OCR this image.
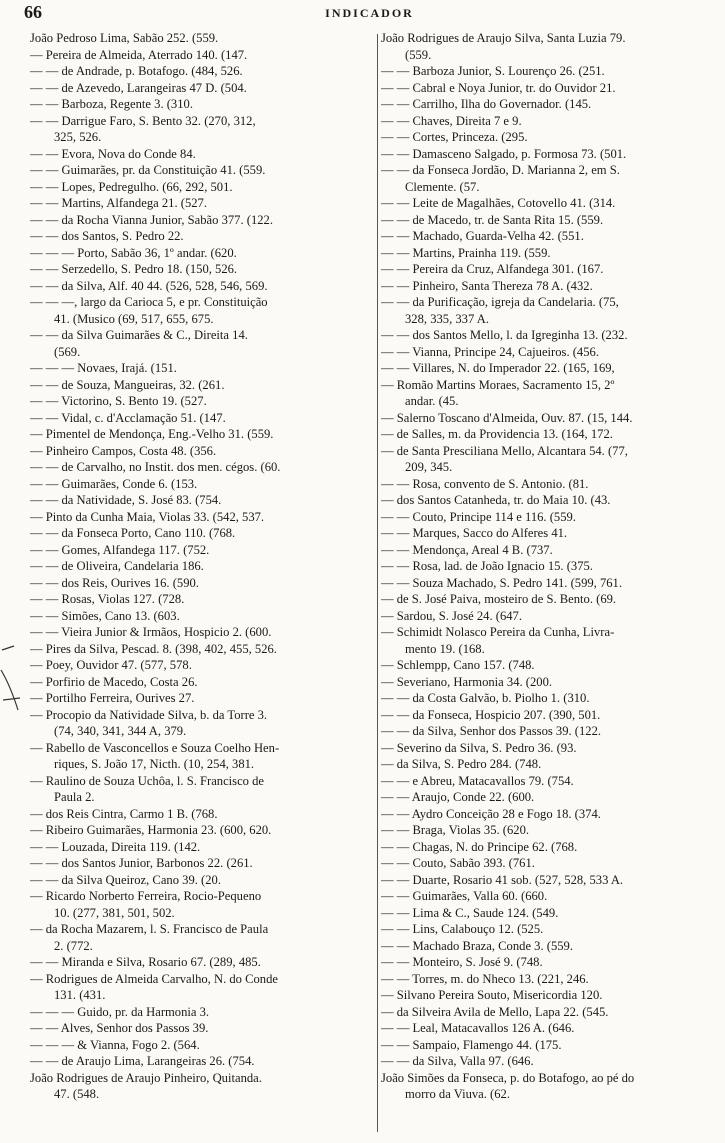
66	INDICADOR
João Pedroso Lima, Sabão 252. (559.
— Pereira de Almeida, Aterrado 140. (147.
— — de Andrade, p. Botafogo. (484, 526.
— — de Azevedo, Larangeiras 47 D. (504.
— — Barboza, Regente 3. (310.
— — Darrigue Faro, S. Bento 32. (270, 312,
325, 526.
— — Evora, Nova do Conde 84.
— — Guimarães, pr. da Constituição 41. (559.
— — Lopes, Pedregulho. (66, 292, 501.
— — Martins, Alfandega 21. (527.
— — da Rocha Vianna Junior, Sabão 377. (122.
— — dos Santos, S. Pedro 22.
— — — Porto, Sabão 36, 1º andar. (620.
— — Serzedello, S. Pedro 18. (150, 526.
— — da Silva, Alf. 40 44. (526, 528, 546, 569.
— — —, largo da Carioca 5, e pr. Constituição
41. (Musico (69, 517, 655, 675.
— — da Silva Guimarães & C., Direita 14.
(569.
— — — Novaes, Irajá. (151.
— — de Souza, Mangueiras, 32. (261.
— — Victorino, S. Bento 19. (527.
— — Vidal, c. d'Acclamação 51. (147.
— Pimentel de Mendonça, Eng.-Velho 31. (559.
— Pinheiro Campos, Costa 48. (356.
— — de Carvalho, no Instit. dos men. cégos. (60.
— — Guimarães, Conde 6. (153.
— — da Natividade, S. José 83. (754.
— Pinto da Cunha Maia, Violas 33. (542, 537.
— — da Fonseca Porto, Cano 110. (768.
— — Gomes, Alfandega 117. (752.
— — de Oliveira, Candelaria 186.
— — dos Reis, Ourives 16. (590.
— — Rosas, Violas 127. (728.
— — Simões, Cano 13. (603.
— — Vieira Junior & Irmãos, Hospicio 2. (600.
— Pires da Silva, Pescad. 8. (398, 402, 455, 526.
— Poey, Ouvidor 47. (577, 578.
— Porfirio de Macedo, Costa 26.
— Portilho Ferreira, Ourives 27.
— Procopio da Natividade Silva, b. da Torre 3.
(74, 340, 341, 344 A, 379.
— Rabello de Vasconcellos e Souza Coelho Hen-
riques, S. João 17, Nicth. (10, 254, 381.
— Raulino de Souza Uchôa, l. S. Francisco de
Paula 2.
— dos Reis Cintra, Carmo 1 B. (768.
— Ribeiro Guimarães, Harmonia 23. (600, 620.
— — Louzada, Direita 119. (142.
— — dos Santos Junior, Barbonos 22. (261.
— — da Silva Queiroz, Cano 39. (20.
— Ricardo Norberto Ferreira, Rocio-Pequeno
10. (277, 381, 501, 502.
— da Rocha Mazarem, l. S. Francisco de Paula
2. (772.
— — Miranda e Silva, Rosario 67. (289, 485.
— Rodrigues de Almeida Carvalho, N. do Conde
131. (431.
— — — Guido, pr. da Harmonia 3.
— — Alves, Senhor dos Passos 39.
— — — & Vianna, Fogo 2. (564.
— — de Araujo Lima, Larangeiras 26. (754.
João Rodrigues de Araujo Pinheiro, Quitanda.
47. (548.
João Rodrigues de Araujo Silva, Santa Luzia 79.
(559.
— — Barboza Junior, S. Lourenço 26. (251.
— — Cabral e Noya Junior, tr. do Ouvidor 21.
— — Carrilho, Ilha do Governador. (145.
— — Chaves, Direita 7 e 9.
— — Cortes, Princeza. (295.
— — Damasceno Salgado, p. Formosa 73. (501.
— — da Fonseca Jordão, D. Marianna 2, em S.
Clemente. (57.
— — Leite de Magalhães, Cotovello 41. (314.
— — de Macedo, tr. de Santa Rita 15. (559.
— — Machado, Guarda-Velha 42. (551.
— — Martins, Prainha 119. (559.
— — Pereira da Cruz, Alfandega 301. (167.
— — Pinheiro, Santa Thereza 78 A. (432.
— — da Purificação, igreja da Candelaria. (75,
328, 335, 337 A.
— — dos Santos Mello, l. da Igreginha 13. (232.
— — Vianna, Principe 24, Cajueiros. (456.
— — Villares, N. do Imperador 22. (165, 169,
— Romão Martins Moraes, Sacramento 15, 2º
andar. (45.
— Salerno Toscano d'Almeida, Ouv. 87. (15, 144.
— de Salles, m. da Providencia 13. (164, 172.
— de Santa Presciliana Mello, Alcantara 54. (77,
209, 345.
— — Rosa, convento de S. Antonio. (81.
— dos Santos Catanheda, tr. do Maia 10. (43.
— — Couto, Principe 114 e 116. (559.
— — Marques, Sacco do Alferes 41.
— — Mendonça, Areal 4 B. (737.
— — Rosa, lad. de João Ignacio 15. (375.
— — Souza Machado, S. Pedro 141. (599, 761.
— de S. José Paiva, mosteiro de S. Bento. (69.
— Sardou, S. José 24. (647.
— Schimidt Nolasco Pereira da Cunha, Livra-
mento 19. (168.
— Schlempp, Cano 157. (748.
— Severiano, Harmonia 34. (200.
— — da Costa Galvão, b. Piolho 1. (310.
— — da Fonseca, Hospicio 207. (390, 501.
— — da Silva, Senhor dos Passos 39. (122.
— Severino da Silva, S. Pedro 36. (93.
— da Silva, S. Pedro 284. (748.
— — e Abreu, Matacavallos 79. (754.
— — Araujo, Conde 22. (600.
— — Aydro Conceição 28 e Fogo 18. (374.
— — Braga, Violas 35. (620.
— — Chagas, N. do Principe 62. (768.
— — Couto, Sabão 393. (761.
— — Duarte, Rosario 41 sob. (527, 528, 533 A.
— — Guimarães, Valla 60. (660.
— — Lima & C., Saude 124. (549.
— — Lins, Calabouço 12. (525.
— — Machado Braza, Conde 3. (559.
— — Monteiro, S. José 9. (748.
— — Torres, m. do Nheco 13. (221, 246.
— Silvano Pereira Souto, Misericordia 120.
— da Silveira Avila de Mello, Lapa 22. (545.
— — Leal, Matacavallos 126 A. (646.
— — Sampaio, Flamengo 44. (175.
— — da Silva, Valla 97. (646.
João Simões da Fonseca, p. do Botafogo, ao pé do
morro da Viuva. (62.
